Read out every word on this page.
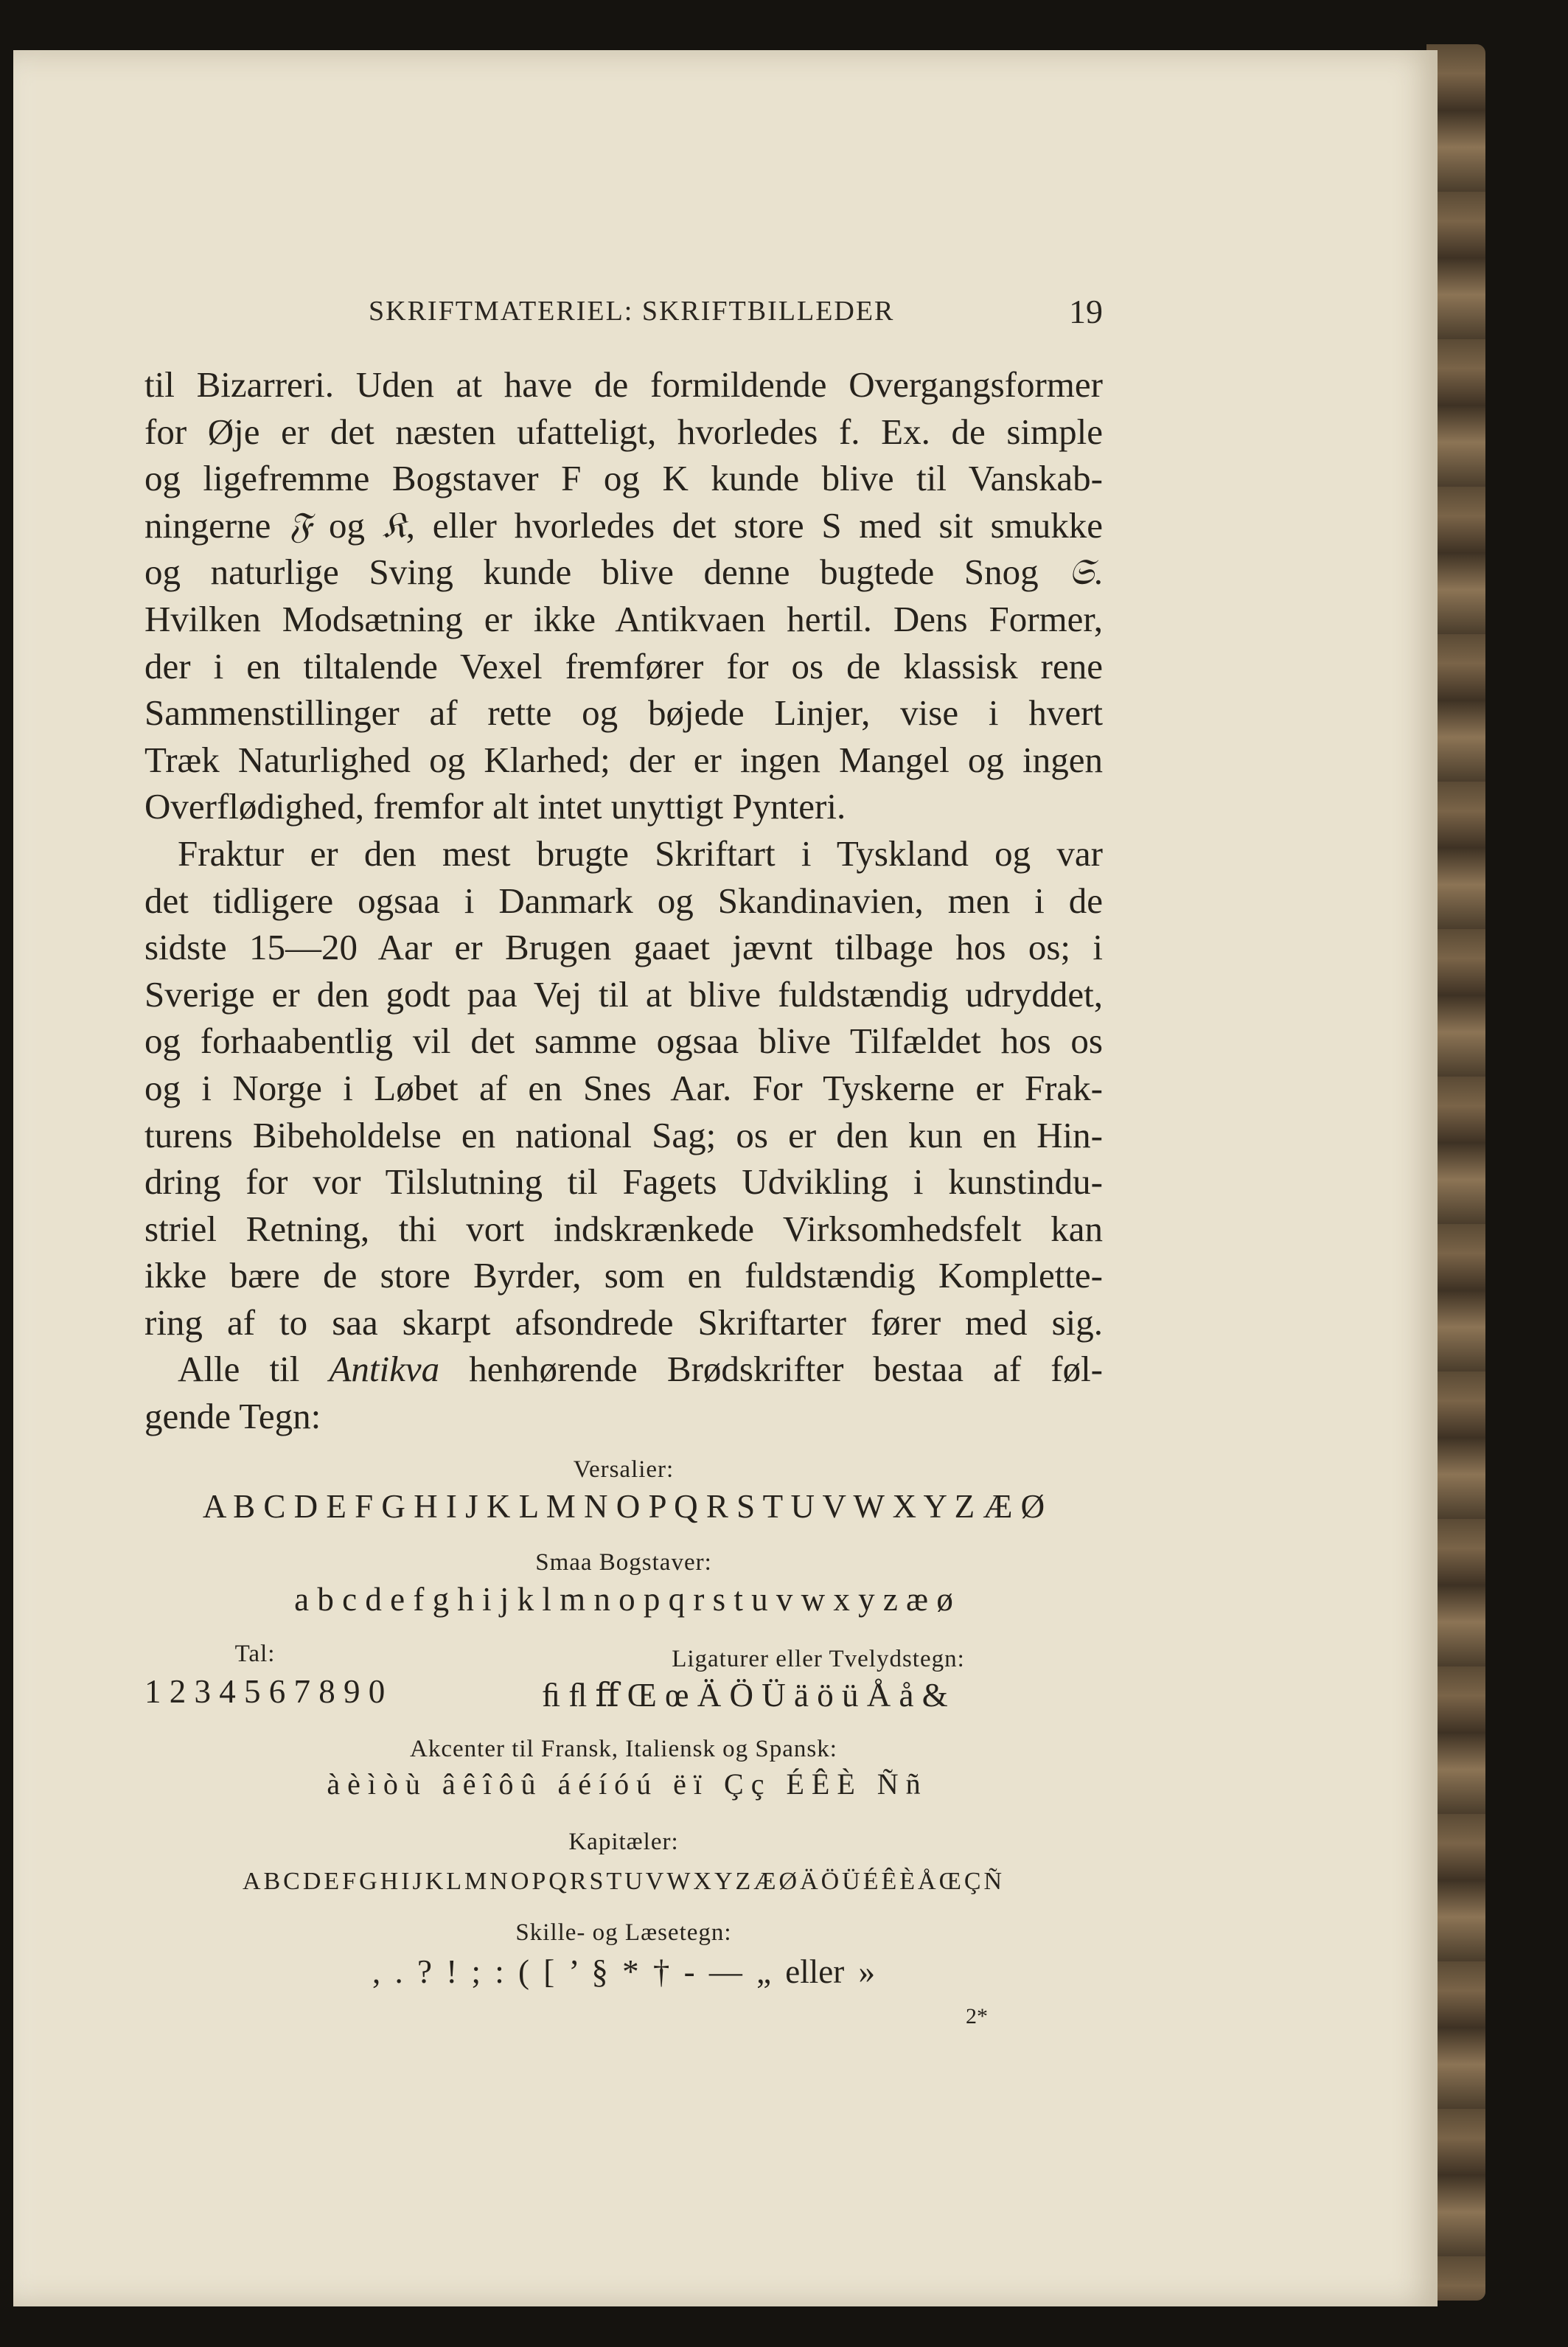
SKRIFTMATERIEL: SKRIFTBILLEDER	19
til Bizarreri. Uden at have de formildende Overgangsformer
for Øje er det næsten ufatteligt, hvorledes f. Ex. de simple
og ligefremme Bogstaver F og K kunde blive til Vanskab-
ningerne 𝔉 og 𝔎, eller hvorledes det store S med sit smukke
og naturlige Sving kunde blive denne bugtede Snog 𝔖.
Hvilken Modsætning er ikke Antikvaen hertil. Dens Former,
der i en tiltalende Vexel fremfører for os de klassisk rene
Sammenstillinger af rette og bøjede Linjer, vise i hvert
Træk Naturlighed og Klarhed; der er ingen Mangel og ingen
Overflødighed, fremfor alt intet unyttigt Pynteri.
Fraktur er den mest brugte Skriftart i Tyskland og var
det tidligere ogsaa i Danmark og Skandinavien, men i de
sidste 15—20 Aar er Brugen gaaet jævnt tilbage hos os; i
Sverige er den godt paa Vej til at blive fuldstændig udryddet,
og forhaabentlig vil det samme ogsaa blive Tilfældet hos os
og i Norge i Løbet af en Snes Aar. For Tyskerne er Frak-
turens Bibeholdelse en national Sag; os er den kun en Hin-
dring for vor Tilslutning til Fagets Udvikling i kunstindu-
striel Retning, thi vort indskrænkede Virksomhedsfelt kan
ikke bære de store Byrder, som en fuldstændig Komplette-
ring af to saa skarpt afsondrede Skriftarter fører med sig.
Alle til Antikva henhørende Brødskrifter bestaa af føl-
gende Tegn:
Versalier:
A B C D E F G H I J K L M N O P Q R S T U V W X Y Z Æ Ø
Smaa Bogstaver:
a b c d e f g h i j k l m n o p q r s t u v w x y z æ ø
Tal:	Ligaturer eller Tvelydstegn:
1 2 3 4 5 6 7 8 9 0	ﬁ ﬂ ﬀ Œ œ Ä Ö Ü ä ö ü Å å &
Akcenter til Fransk, Italiensk og Spansk:
à è ì ò ù   â ê î ô û   á é í ó ú   ë ï   Ç ç   É Ê È   Ñ ñ
Kapitæler:
ABCDEFGHIJKLMNOPQRSTUVWXYZÆØÄÖÜÉÊÈÅŒÇÑ
Skille- og Læsetegn:
, . ? ! ; : ( [ ’ § * † - — „ eller »
2*
